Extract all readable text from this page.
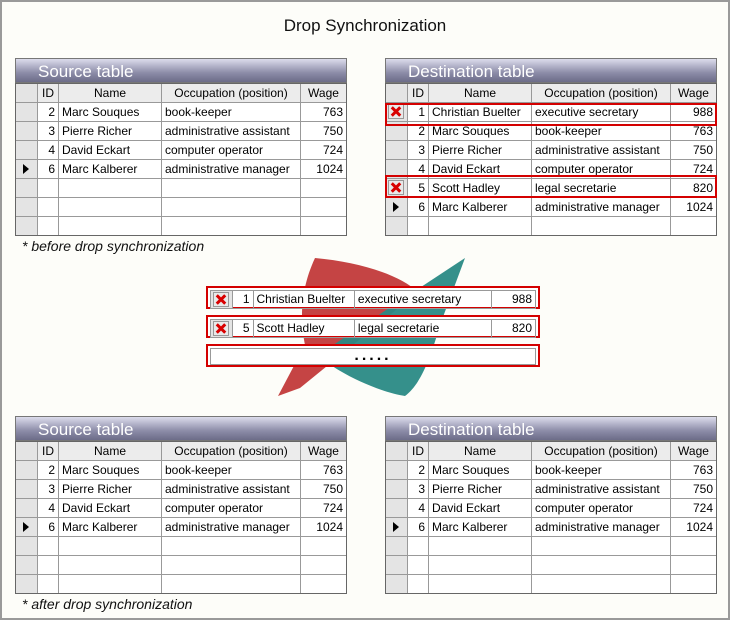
Drop Synchronization
Source table
ID	Name	Occupation (position)	Wage
2 Marc Souques	book-keeper	763
3 Pierre Richer	administrative assistant	750
4 David Eckart	computer operator	724
6 Marc Kalberer	administrative manager	1024
Destination table
ID	Name	Occupation (position)	Wage
1 Christian Buelter	executive secretary	988
2 Marc Souques	book-keeper	763
3 Pierre Richer	administrative assistant	750
4 David Eckart	computer operator	724
5 Scott Hadley	legal secretarie	820
6 Marc Kalberer	administrative manager	1024
* before drop synchronization
1 Christian Buelter	executive secretary	988
5 Scott Hadley	legal secretarie	820
.....
Source table
ID	Name	Occupation (position)	Wage
2 Marc Souques	book-keeper	763
3 Pierre Richer	administrative assistant	750
4 David Eckart	computer operator	724
6 Marc Kalberer	administrative manager	1024
Destination table
ID	Name	Occupation (position)	Wage
2 Marc Souques	book-keeper	763
3 Pierre Richer	administrative assistant	750
4 David Eckart	computer operator	724
6 Marc Kalberer	administrative manager	1024
* after drop synchronization
